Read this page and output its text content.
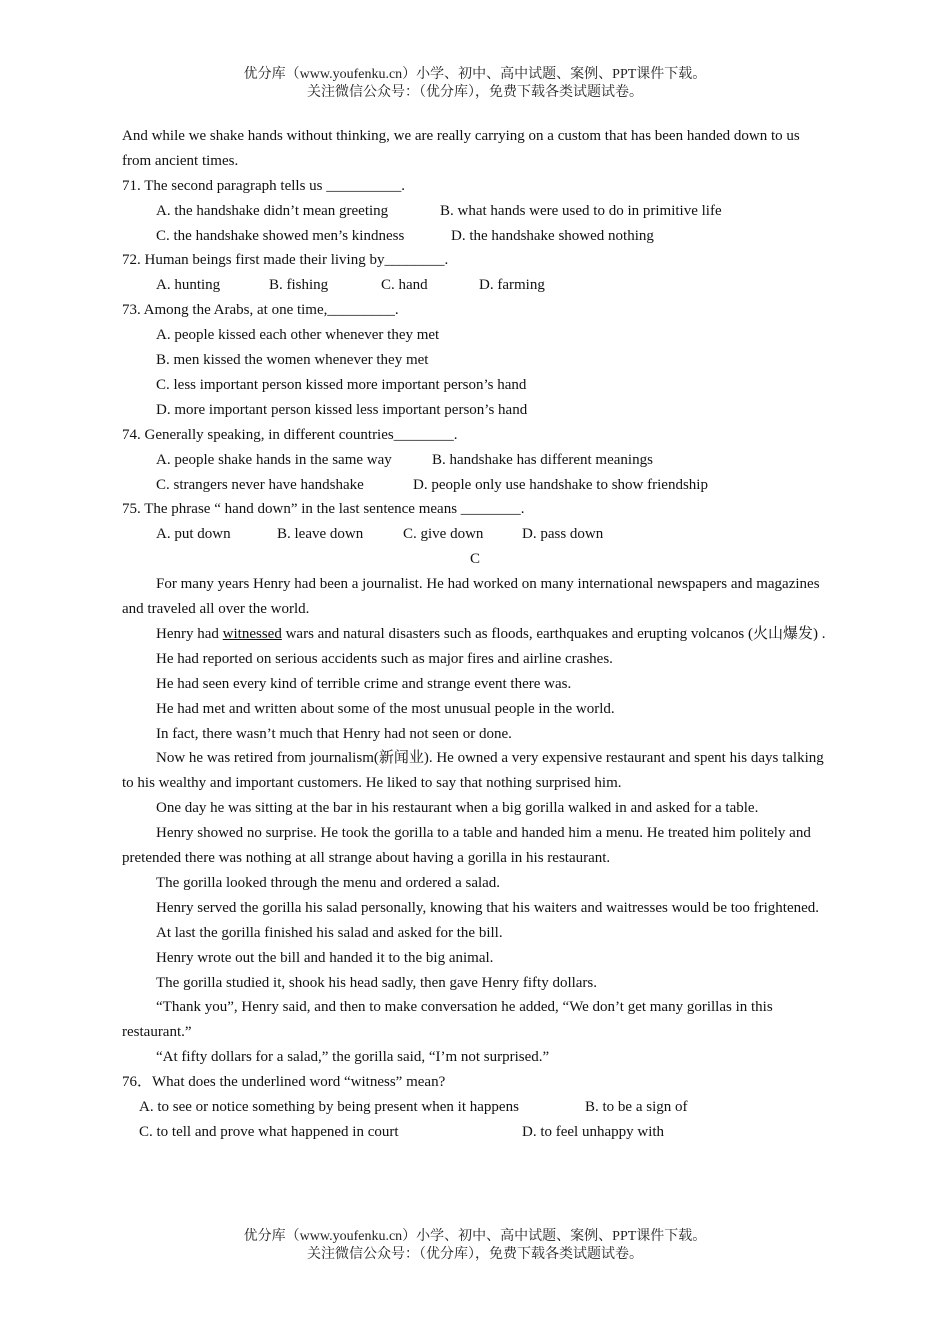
优分库（www.youfenku.cn）小学、初中、高中试题、案例、PPT课件下载。
关注微信公众号：（优分库），免费下载各类试题试卷。
And while we shake hands without thinking, we are really carrying on a custom that has been handed down to us from ancient times.
71. The second paragraph tells us __________.
A. the handshake didn’t mean greeting	B. what hands were used to do in primitive life
C. the handshake showed men’s kindness	D. the handshake showed nothing
72. Human beings first made their living by________.
A. hunting	B. fishing	C. hand	D. farming
73. Among the Arabs, at one time,_________.
A. people kissed each other whenever they met
B. men kissed the women whenever they met
C. less important person kissed more important person’s hand
D. more important person kissed less important person’s hand
74. Generally speaking, in different countries________.
A. people shake hands in the same way	B. handshake has different meanings
C. strangers never have handshake	D. people only use handshake to show friendship
75. The phrase “ hand down” in the last sentence means ________.
A. put down	B. leave down	C. give down	D. pass down
C
For many years Henry had been a journalist. He had worked on many international newspapers and magazines and traveled all over the world.
Henry had witnessed wars and natural disasters such as floods, earthquakes and erupting volcanos (火山爆发) .
He had reported on serious accidents such as major fires and airline crashes.
He had seen every kind of terrible crime and strange event there was.
He had met and written about some of the most unusual people in the world.
In fact, there wasn’t much that Henry had not seen or done.
Now he was retired from journalism(新闻业). He owned a very expensive restaurant and spent his days talking to his wealthy and important customers. He liked to say that nothing surprised him.
One day he was sitting at the bar in his restaurant when a big gorilla walked in and asked for a table.
Henry showed no surprise. He took the gorilla to a table and handed him a menu. He treated him politely and pretended there was nothing at all strange about having a gorilla in his restaurant.
The gorilla looked through the menu and ordered a salad.
Henry served the gorilla his salad personally, knowing that his waiters and waitresses would be too frightened.
At last the gorilla finished his salad and asked for the bill.
Henry wrote out the bill and handed it to the big animal.
The gorilla studied it, shook his head sadly, then gave Henry fifty dollars.
“Thank you”, Henry said, and then to make conversation he added, “We don’t get many gorillas in this restaurant.”
“At fifty dollars for a salad,” the gorilla said, “I’m not surprised.”
76．What does the underlined word “witness” mean?
A. to see or notice something by being present when it happens	B. to be a sign of
C. to tell and prove what happened in court	D. to feel unhappy with
优分库（www.youfenku.cn）小学、初中、高中试题、案例、PPT课件下载。
关注微信公众号：（优分库），免费下载各类试题试卷。
